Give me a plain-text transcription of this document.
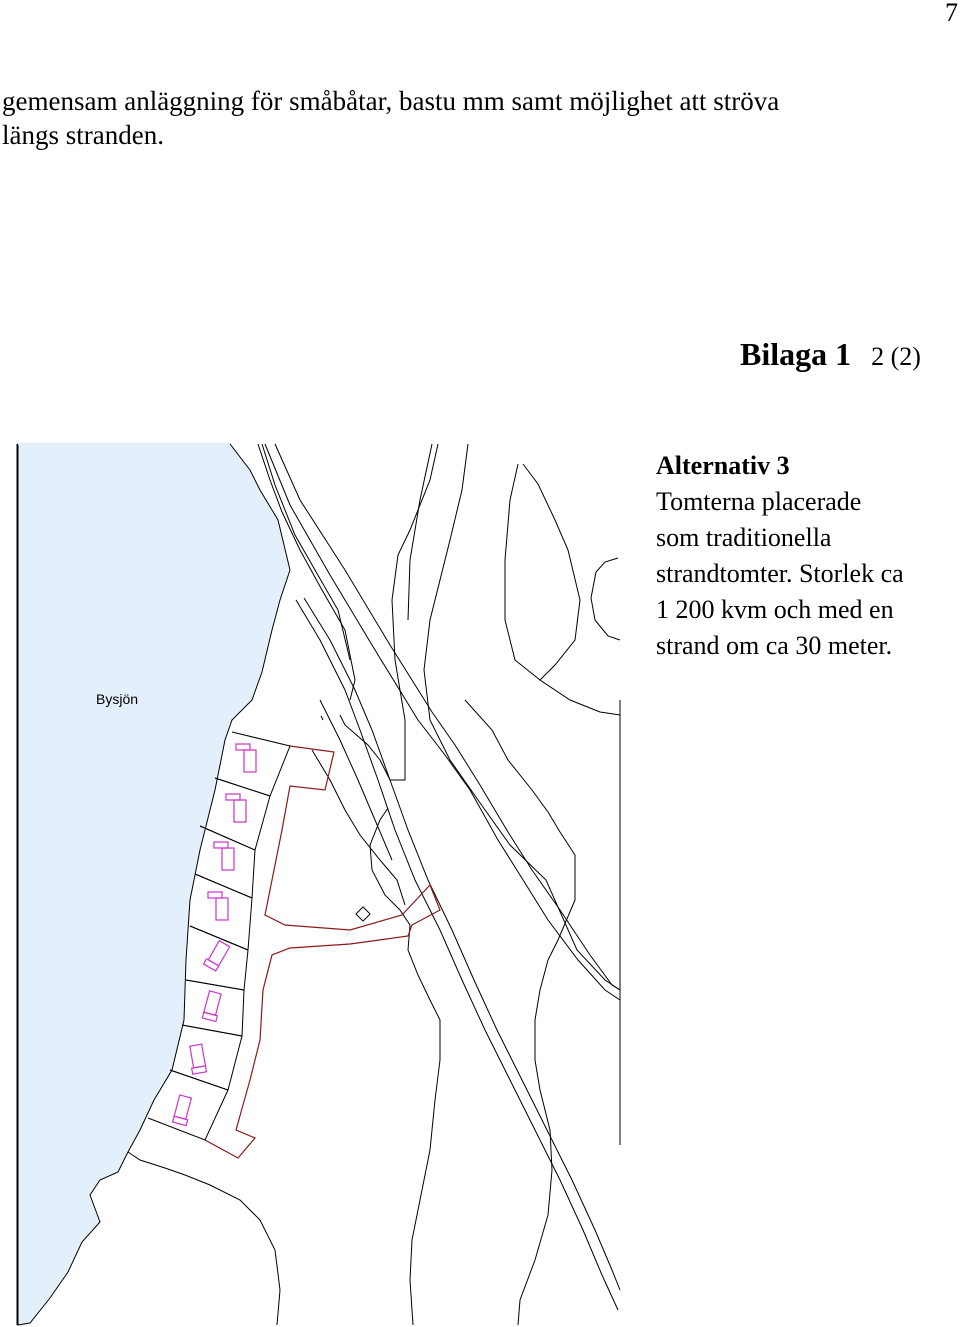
7
gemensam anläggning för småbåtar, bastu mm samt möjlighet att ströva
längs stranden.
Bilaga 1 2 (2)
Bysjön
Alternativ 3
Tomterna placerade
som traditionella
strandtomter. Storlek ca
1 200 kvm och med en
strand om ca 30 meter.
